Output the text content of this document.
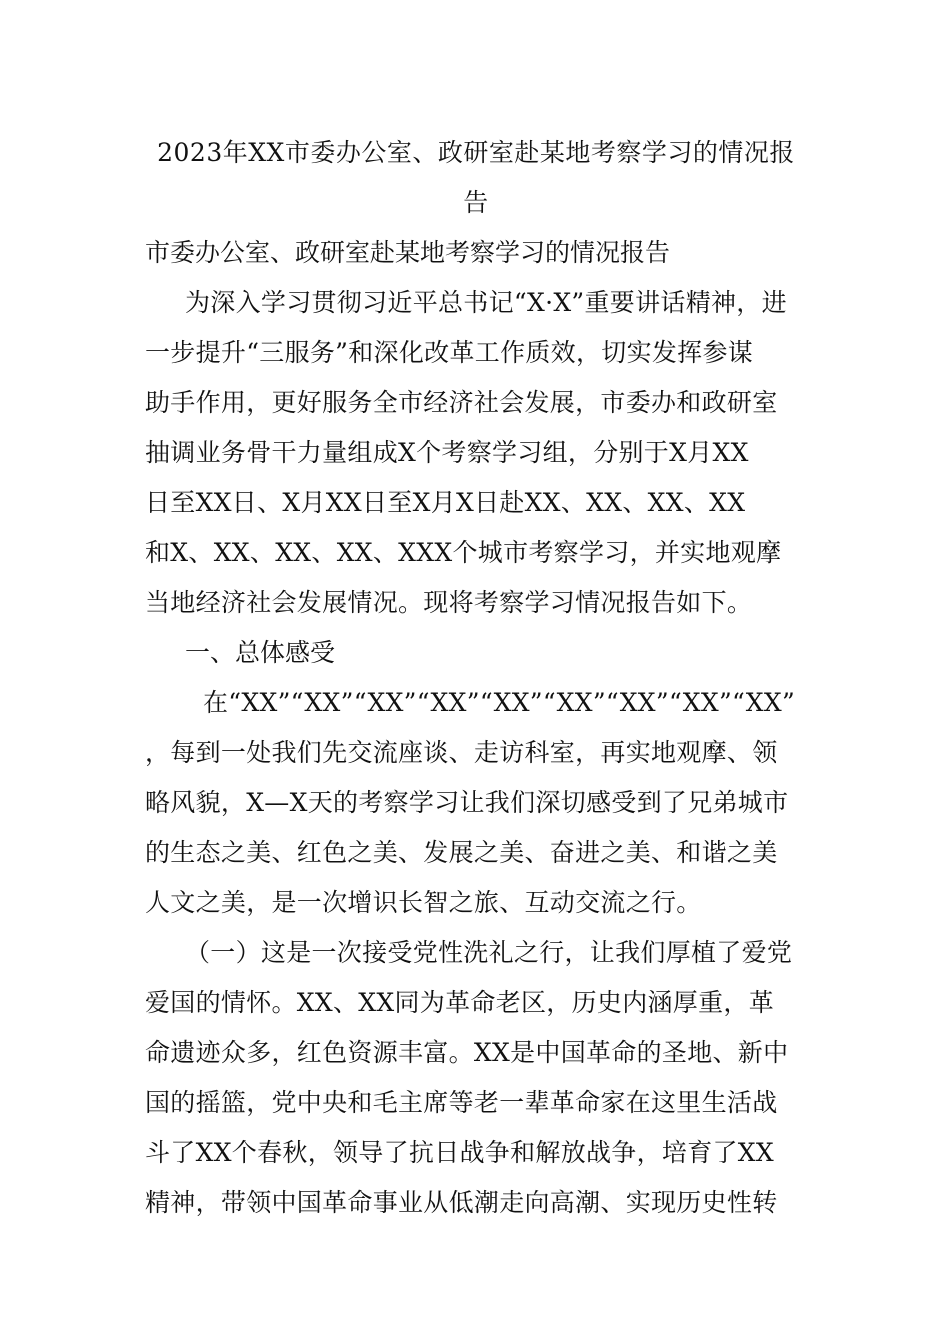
2023年XX市委办公室、政研室赴某地考察学习的情况报
告

市委办公室、政研室赴某地考察学习的情况报告

为深入学习贯彻习近平总书记“X·X”重要讲话精神，进

一步提升“三服务”和深化改革工作质效，切实发挥参谋

助手作用，更好服务全市经济社会发展，市委办和政研室

抽调业务骨干力量组成X个考察学习组，分别于X月XX

日至XX日、X月XX日至X月X日赴XX、XX、XX、XX

和X、XX、XX、XX、XXX个城市考察学习，并实地观摩

当地经济社会发展情况。现将考察学习情况报告如下。

一、总体感受

在“XX”“XX”“XX”“XX”“XX”“XX”“XX”“XX”“XX”

，每到一处我们先交流座谈、走访科室，再实地观摩、领

略风貌，X—X天的考察学习让我们深切感受到了兄弟城市

的生态之美、红色之美、发展之美、奋进之美、和谐之美

人文之美，是一次增识长智之旅、互动交流之行。

（一）这是一次接受党性洗礼之行，让我们厚植了爱党

爱国的情怀。XX、XX同为革命老区，历史内涵厚重，革

命遗迹众多，红色资源丰富。XX是中国革命的圣地、新中

国的摇篮，党中央和毛主席等老一辈革命家在这里生活战

斗了XX个春秋，领导了抗日战争和解放战争，培育了XX

精神，带领中国革命事业从低潮走向高潮、实现历史性转
